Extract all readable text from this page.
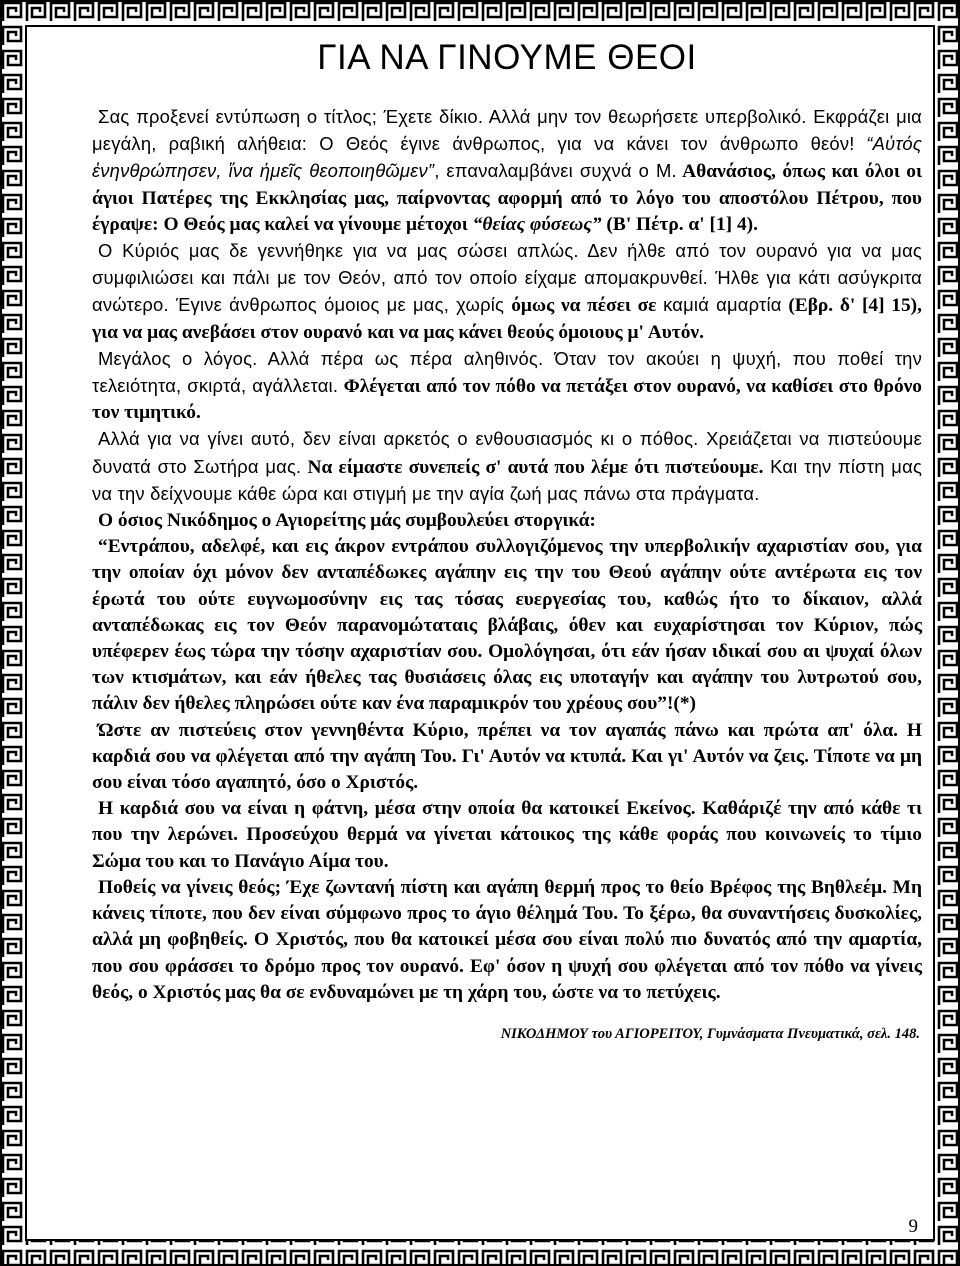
ΓΙΑ ΝΑ ΓΙΝΟΥΜΕ ΘΕΟΙ

Σας προξενεί εντύπωση ο τίτλος; Έχετε δίκιο. Αλλά μην τον θεωρήσετε υπερβολικό. Εκφράζει μια μεγάλη, ραβική αλήθεια: Ο Θεός έγινε άνθρωπος, για να κάνει τον άνθρωπο θεόν! “Αὐτός ἐνηνθρώπησεν, ἵνα ἡμεῖς θεοποιηθῶμεν”, επαναλαμβάνει συχνά ο Μ. Αθανάσιος, όπως και όλοι οι άγιοι Πατέρες της Εκκλησίας μας, παίρνοντας αφορμή από το λόγο του αποστόλου Πέτρου, που έγραψε: Ο Θεός μας καλεί να γίνουμε μέτοχοι “θείας φύσεως” (Β' Πέτρ. α' [1] 4).

Ο Κύριός μας δε γεννήθηκε για να μας σώσει απλώς. Δεν ήλθε από τον ουρανό για να μας συμφιλιώσει και πάλι με τον Θεόν, από τον οποίο είχαμε απομακρυνθεί. Ήλθε για κάτι ασύγκριτα ανώτερο. Έγινε άνθρωπος όμοιος με μας, χωρίς όμως να πέσει σε καμιά αμαρτία (Εβρ. δ' [4] 15), για να μας ανεβάσει στον ουρανό και να μας κάνει θεούς όμοιους μ' Αυτόν.

Μεγάλος ο λόγος. Αλλά πέρα ως πέρα αληθινός. Όταν τον ακούει η ψυχή, που ποθεί την τελειότητα, σκιρτά, αγάλλεται. Φλέγεται από τον πόθο να πετάξει στον ουρανό, να καθίσει στο θρόνο τον τιμητικό.

Αλλά για να γίνει αυτό, δεν είναι αρκετός ο ενθουσιασμός κι ο πόθος. Χρειάζεται να πιστεύουμε δυνατά στο Σωτήρα μας. Να είμαστε συνεπείς σ' αυτά που λέμε ότι πιστεύουμε. Και την πίστη μας να την δείχνουμε κάθε ώρα και στιγμή με την αγία ζωή μας πάνω στα πράγματα.

Ο όσιος Νικόδημος ο Αγιορείτης μάς συμβουλεύει στοργικά:

“Εντράπου, αδελφέ, και εις άκρον εντράπου συλλογιζόμενος την υπερβολικήν αχαριστίαν σου, για την οποίαν όχι μόνον δεν ανταπέδωκες αγάπην εις την του Θεού αγάπην ούτε αντέρωτα εις τον έρωτά του ούτε ευγνωμοσύνην εις τας τόσας ευεργεσίας του, καθώς ήτο το δίκαιον, αλλά ανταπέδωκας εις τον Θεόν παρανομώταταις βλάβαις, όθεν και ευχαρίστησαι τον Κύριον, πώς υπέφερεν έως τώρα την τόσην αχαριστίαν σου. Ομολόγησαι, ότι εάν ήσαν ιδικαί σου αι ψυχαί όλων των κτισμάτων, και εάν ήθελες τας θυσιάσεις όλας εις υποταγήν και αγάπην του λυτρωτού σου, πάλιν δεν ήθελες πληρώσει ούτε καν ένα παραμικρόν του χρέους σου”!(*)

Ώστε αν πιστεύεις στον γεννηθέντα Κύριο, πρέπει να τον αγαπάς πάνω και πρώτα απ' όλα. Η καρδιά σου να φλέγεται από την αγάπη Του. Γι' Αυτόν να κτυπά. Και γι' Αυτόν να ζεις. Τίποτε να μη σου είναι τόσο αγαπητό, όσο ο Χριστός.

Η καρδιά σου να είναι η φάτνη, μέσα στην οποία θα κατοικεί Εκείνος. Καθάριζέ την από κάθε τι που την λερώνει. Προσεύχου θερμά να γίνεται κάτοικος της κάθε φοράς που κοινωνείς το τίμιο Σώμα του και το Πανάγιο Αίμα του.

Ποθείς να γίνεις θεός; Έχε ζωντανή πίστη και αγάπη θερμή προς το θείο Βρέφος της Βηθλεέμ. Μη κάνεις τίποτε, που δεν είναι σύμφωνο προς το άγιο θέλημά Του. Το ξέρω, θα συναντήσεις δυσκολίες, αλλά μη φοβηθείς. Ο Χριστός, που θα κατοικεί μέσα σου είναι πολύ πιο δυνατός από την αμαρτία, που σου φράσσει το δρόμο προς τον ουρανό. Εφ' όσον η ψυχή σου φλέγεται από τον πόθο να γίνεις θεός, ο Χριστός μας θα σε ενδυναμώνει με τη χάρη του, ώστε να το πετύχεις.

ΝΙΚΟΔΗΜΟΥ του ΑΓΙΟΡΕΙΤΟΥ, Γυμνάσματα Πνευματικά, σελ. 148.
9
